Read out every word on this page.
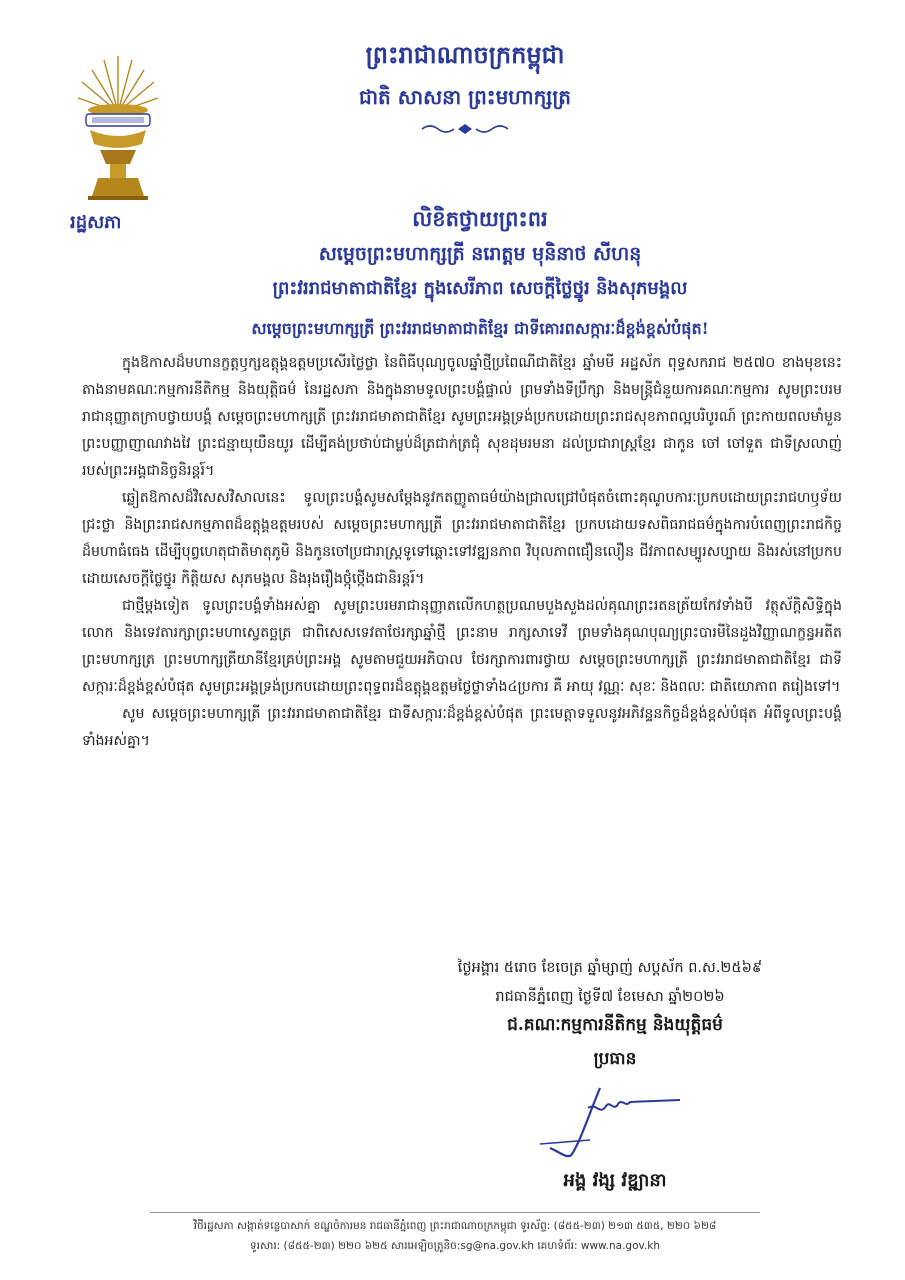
ព្រះរាជាណាចក្រកម្ពុជា
ជាតិ សាសនា ព្រះមហាក្សត្រ
រដ្ឋសភា	លិខិតថ្វាយព្រះពរ
សម្តេចព្រះមហាក្សត្រី នរោត្តម មុនិនាថ សីហនុ
ព្រះវររាជមាតាជាតិខ្មែរ ក្នុងសេរីភាព សេចក្តីថ្លៃថ្នូរ និងសុភមង្គល
សម្តេចព្រះមហាក្សត្រី ព្រះវររាជមាតាជាតិខ្មែរ ជាទីគោរពសក្ការៈដ៏ខ្ពង់ខ្ពស់បំផុត!

ក្នុងឱកាសដ៏មហានក្ខត្តឫក្សឧត្តុង្គឧត្តមប្រសើរថ្លៃថ្លា នៃពិធីបុណ្យចូលឆ្នាំថ្មីប្រពៃណីជាតិខ្មែរ ឆ្នាំមមី អដ្ឋស័ក ពុទ្ធសករាជ ២៥៧០ ខាងមុខនេះ តាងនាមគណៈកម្មការនីតិកម្ម និងយុត្តិធម៌ នៃរដ្ឋសភា និងក្នុងនាមទូលព្រះបង្គំផ្ទាល់ ព្រមទាំងទីប្រឹក្សា និងមន្ត្រីជំនួយការគណៈកម្មការ សូមព្រះបរមរាជានុញ្ញាតក្រាបថ្វាយបង្គំ សម្តេចព្រះមហាក្សត្រី ព្រះវររាជមាតាជាតិខ្មែរ សូមព្រះអង្គទ្រង់ប្រកបដោយព្រះរាជសុខភាពល្អបរិបូរណ៍ ព្រះកាយពលមាំមួន ព្រះបញ្ញាញាណវាងវៃ ព្រះជន្មាយុយឺនយូរ ដើម្បីគង់ប្រថាប់ជាម្លប់ដ៏ត្រជាក់ត្រជុំ សុខដុមរមនា ដល់ប្រជារាស្ត្រខ្មែរ ជាកូន ចៅ ចៅទួត ជាទីស្រលាញ់របស់ព្រះអង្គជានិច្ចនិរន្តរ៍។

ឆ្លៀតឱកាសដ៏វិសេសវិសាលនេះ ទូលព្រះបង្គំសូមសម្តែងនូវកតញ្ញូតាធម៌យ៉ាងជ្រាលជ្រៅបំផុតចំពោះគុណូបការៈប្រកបដោយព្រះរាជហឫទ័យជ្រះថ្លា និងព្រះរាជសកម្មភាពដ៏ឧត្តុង្គឧត្តមរបស់ សម្តេចព្រះមហាក្សត្រី ព្រះវររាជមាតាជាតិខ្មែរ ប្រកបដោយទសពិធរាជធម៌ក្នុងការបំពេញព្រះរាជកិច្ចដ៏មហាធំធេង ដើម្បីបុព្វហេតុជាតិមាតុភូមិ និងកូនចៅប្រជារាស្ត្រទូទៅឆ្ពោះទៅវឌ្ឍនភាព វិបុលភាពជឿនលឿន ជីវភាពសម្បូរសប្បាយ និងរស់នៅប្រកបដោយសេចក្តីថ្លៃថ្នូរ កិត្តិយស សុភមង្គល និងរុងរឿងថ្កុំថ្កើងជានិរន្តរ៍។

ជាថ្មីម្តងទៀត ទូលព្រះបង្គំទាំងអស់គ្នា សូមព្រះបរមរាជានុញ្ញាតលើកហត្ថប្រណមបួងសួងដល់គុណព្រះរតនត្រ័យកែវទាំងបី វត្ថុស័ក្តិសិទ្ធិក្នុងលោក និងទេវតារក្សាព្រះមហាស្វេតច្ឆត្រ ជាពិសេសទេវតាថែរក្សាឆ្នាំថ្មី ព្រះនាម រាក្សសាទេវី ព្រមទាំងគុណបុណ្យព្រះបារមីនៃដួងវិញ្ញាណក្ខន្ធអតីតព្រះមហាក្សត្រ ព្រះមហាក្សត្រីយានីខ្មែរគ្រប់ព្រះអង្គ សូមតាមជួយអភិបាល ថែរក្សាការពារថ្វាយ សម្តេចព្រះមហាក្សត្រី ព្រះវររាជមាតាជាតិខ្មែរ ជាទីសក្ការៈដ៏ខ្ពង់ខ្ពស់បំផុត សូមព្រះអង្គទ្រង់ប្រកបដោយព្រះពុទ្ធពរដ៏ឧត្តុង្គឧត្តមថ្លៃថ្លាទាំង៤ប្រការ គឺ អាយុ វណ្ណៈ សុខៈ និងពលៈ ជាតិយោភាព តរៀងទៅ។

សូម សម្តេចព្រះមហាក្សត្រី ព្រះវររាជមាតាជាតិខ្មែរ ជាទីសក្ការៈដ៏ខ្ពង់ខ្ពស់បំផុត ព្រះមេត្តាទទួលនូវអភិវន្ទនកិច្ចដ៏ខ្ពង់ខ្ពស់បំផុត អំពីទូលព្រះបង្គំទាំងអស់គ្នា។

ថ្ងៃអង្គារ ៥រោច ខែចេត្រ ឆ្នាំម្សាញ់ សប្តស័ក ព.ស.២៥៦៩
រាជធានីភ្នំពេញ ថ្ងៃទី៧ ខែមេសា ឆ្នាំ២០២៦
ជ.គណៈកម្មការនីតិកម្ម និងយុត្តិធម៌
ប្រធាន
អង្គ វង្ស វឌ្ឍានា
វិថីរដ្ឋសភា សង្កាត់ទន្លេបាសាក់ ខណ្ឌចំការមន រាជធានីភ្នំពេញ ព្រះរាជាណាចក្រកម្ពុជា ទូរស័ព្ទ: (៨៥៥-២៣) ២១៣ ៥៣៥, ២២០ ៦២៨
ទូរសារ: (៨៥៥-២៣) ២២០ ៦២៥ សារអេឡិចត្រូនិច:sg@na.gov.kh គេហទំព័រ: www.na.gov.kh
